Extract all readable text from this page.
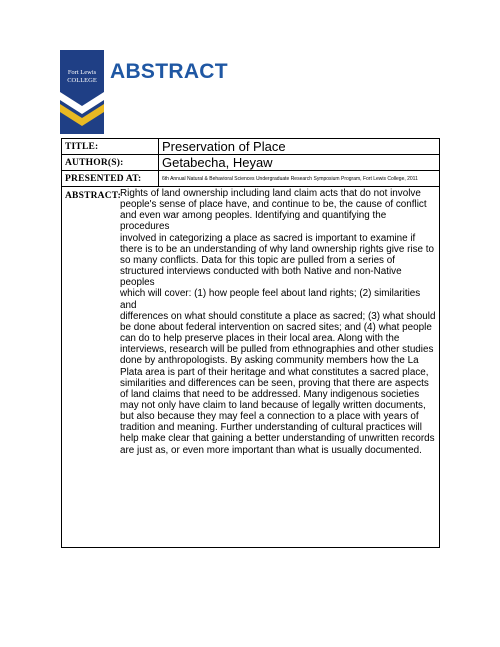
Fort Lewis
COLLEGE ABSTRACT
TITLE:	Preservation of Place
AUTHOR(S):	Getabecha, Heyaw
PRESENTED AT:	6th Annual Natural & Behavioral Sciences Undergraduate Research Symposium Program, Fort Lewis College, 2011
ABSTRACT: Rights of land ownership including land claim acts that do not involve
people's sense of place have, and continue to be, the cause of conflict
and even war among peoples. Identifying and quantifying the procedures
involved in categorizing a place as sacred is important to examine if
there is to be an understanding of why land ownership rights give rise to
so many conflicts. Data for this topic are pulled from a series of
structured interviews conducted with both Native and non-Native peoples
which will cover: (1) how people feel about land rights; (2) similarities and
differences on what should constitute a place as sacred; (3) what should
be done about federal intervention on sacred sites; and (4) what people
can do to help preserve places in their local area. Along with the
interviews, research will be pulled from ethnographies and other studies
done by anthropologists. By asking community members how the La
Plata area is part of their heritage and what constitutes a sacred place,
similarities and differences can be seen, proving that there are aspects
of land claims that need to be addressed. Many indigenous societies
may not only have claim to land because of legally written documents,
but also because they may feel a connection to a place with years of
tradition and meaning. Further understanding of cultural practices will
help make clear that gaining a better understanding of unwritten records
are just as, or even more important than what is usually documented.
